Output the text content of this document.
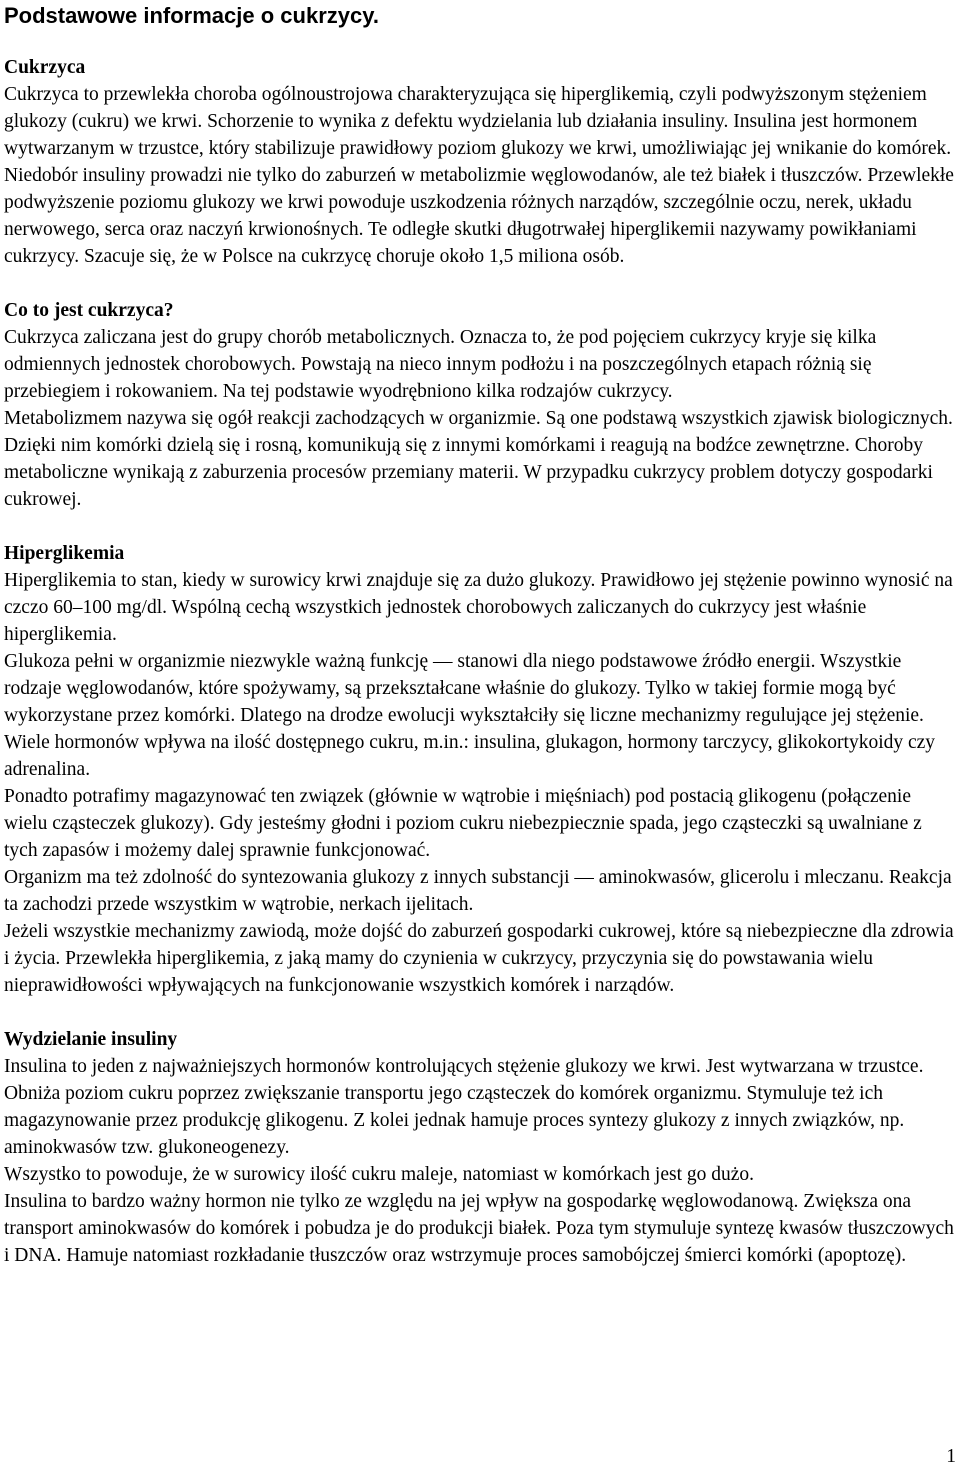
Podstawowe informacje o cukrzycy.
Cukrzyca

Cukrzyca to przewlekła choroba ogólnoustrojowa charakteryzująca się hiperglikemią, czyli podwyższonym stężeniem glukozy (cukru) we krwi. Schorzenie to wynika z defektu wydzielania lub działania insuliny. Insulina jest hormonem wytwarzanym w trzustce, który stabilizuje prawidłowy poziom glukozy we krwi, umożliwiając jej wnikanie do komórek. Niedobór insuliny prowadzi nie tylko do zaburzeń w metabolizmie węglowodanów, ale też białek i tłuszczów. Przewlekłe podwyższenie poziomu glukozy we krwi powoduje uszkodzenia różnych narządów, szczególnie oczu, nerek, układu nerwowego, serca oraz naczyń krwionośnych. Te odległe skutki długotrwałej hiperglikemii nazywamy powikłaniami cukrzycy. Szacuje się, że w Polsce na cukrzycę choruje około 1,5 miliona osób.

Co to jest cukrzyca?

Cukrzyca zaliczana jest do grupy chorób metabolicznych. Oznacza to, że pod pojęciem cukrzycy kryje się kilka odmiennych jednostek chorobowych. Powstają na nieco innym podłożu i na poszczególnych etapach różnią się przebiegiem i rokowaniem. Na tej podstawie wyodrębniono kilka rodzajów cukrzycy.

Metabolizmem nazywa się ogół reakcji zachodzących w organizmie. Są one podstawą wszystkich zjawisk biologicznych. Dzięki nim komórki dzielą się i rosną, komunikują się z innymi komórkami i reagują na bodźce zewnętrzne. Choroby metaboliczne wynikają z zaburzenia procesów przemiany materii. W przypadku cukrzycy problem dotyczy gospodarki cukrowej.

Hiperglikemia

Hiperglikemia to stan, kiedy w surowicy krwi znajduje się za dużo glukozy. Prawidłowo jej stężenie powinno wynosić na czczo 60–100 mg/dl. Wspólną cechą wszystkich jednostek chorobowych zaliczanych do cukrzycy jest właśnie hiperglikemia.

Glukoza pełni w organizmie niezwykle ważną funkcję — stanowi dla niego podstawowe źródło energii. Wszystkie rodzaje węglowodanów, które spożywamy, są przekształcane właśnie do glukozy. Tylko w takiej formie mogą być wykorzystane przez komórki. Dlatego na drodze ewolucji wykształciły się liczne mechanizmy regulujące jej stężenie. Wiele hormonów wpływa na ilość dostępnego cukru, m.in.: insulina, glukagon, hormony tarczycy, glikokortykoidy czy adrenalina.

Ponadto potrafimy magazynować ten związek (głównie w wątrobie i mięśniach) pod postacią glikogenu (połączenie wielu cząsteczek glukozy). Gdy jesteśmy głodni i poziom cukru niebezpiecznie spada, jego cząsteczki są uwalniane z tych zapasów i możemy dalej sprawnie funkcjonować.

Organizm ma też zdolność do syntezowania glukozy z innych substancji — aminokwasów, glicerolu i mleczanu. Reakcja ta zachodzi przede wszystkim w wątrobie, nerkach ijelitach.

Jeżeli wszystkie mechanizmy zawiodą, może dojść do zaburzeń gospodarki cukrowej, które są niebezpieczne dla zdrowia i życia. Przewlekła hiperglikemia, z jaką mamy do czynienia w cukrzycy, przyczynia się do powstawania wielu nieprawidłowości wpływających na funkcjonowanie wszystkich komórek i narządów.

Wydzielanie insuliny

Insulina to jeden z najważniejszych hormonów kontrolujących stężenie glukozy we krwi. Jest wytwarzana w trzustce. Obniża poziom cukru poprzez zwiększanie transportu jego cząsteczek do komórek organizmu. Stymuluje też ich magazynowanie przez produkcję glikogenu. Z kolei jednak hamuje proces syntezy glukozy z innych związków, np. aminokwasów tzw. glukoneogenezy.

Wszystko to powoduje, że w surowicy ilość cukru maleje, natomiast w komórkach jest go dużo.

Insulina to bardzo ważny hormon nie tylko ze względu na jej wpływ na gospodarkę węglowodanową. Zwiększa ona transport aminokwasów do komórek i pobudza je do produkcji białek. Poza tym stymuluje syntezę kwasów tłuszczowych i DNA. Hamuje natomiast rozkładanie tłuszczów oraz wstrzymuje proces samobójczej śmierci komórki (apoptozę).

1
